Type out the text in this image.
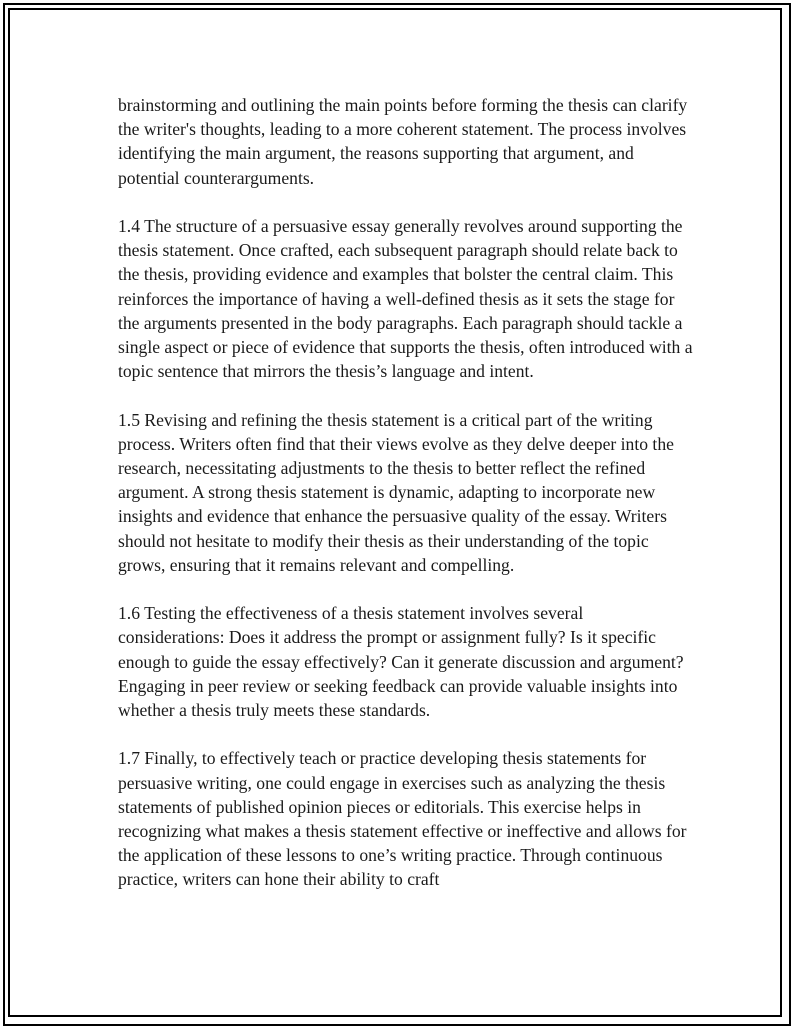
brainstorming and outlining the main points before forming the thesis can clarify the writer's thoughts, leading to a more coherent statement. The process involves identifying the main argument, the reasons supporting that argument, and potential counterarguments.

1.4 The structure of a persuasive essay generally revolves around supporting the thesis statement. Once crafted, each subsequent paragraph should relate back to the thesis, providing evidence and examples that bolster the central claim. This reinforces the importance of having a well-defined thesis as it sets the stage for the arguments presented in the body paragraphs. Each paragraph should tackle a single aspect or piece of evidence that supports the thesis, often introduced with a topic sentence that mirrors the thesis’s language and intent.

1.5 Revising and refining the thesis statement is a critical part of the writing process. Writers often find that their views evolve as they delve deeper into the research, necessitating adjustments to the thesis to better reflect the refined argument. A strong thesis statement is dynamic, adapting to incorporate new insights and evidence that enhance the persuasive quality of the essay. Writers should not hesitate to modify their thesis as their understanding of the topic grows, ensuring that it remains relevant and compelling.

1.6 Testing the effectiveness of a thesis statement involves several considerations: Does it address the prompt or assignment fully? Is it specific enough to guide the essay effectively? Can it generate discussion and argument? Engaging in peer review or seeking feedback can provide valuable insights into whether a thesis truly meets these standards.

1.7 Finally, to effectively teach or practice developing thesis statements for persuasive writing, one could engage in exercises such as analyzing the thesis statements of published opinion pieces or editorials. This exercise helps in recognizing what makes a thesis statement effective or ineffective and allows for the application of these lessons to one’s writing practice. Through continuous practice, writers can hone their ability to craft
